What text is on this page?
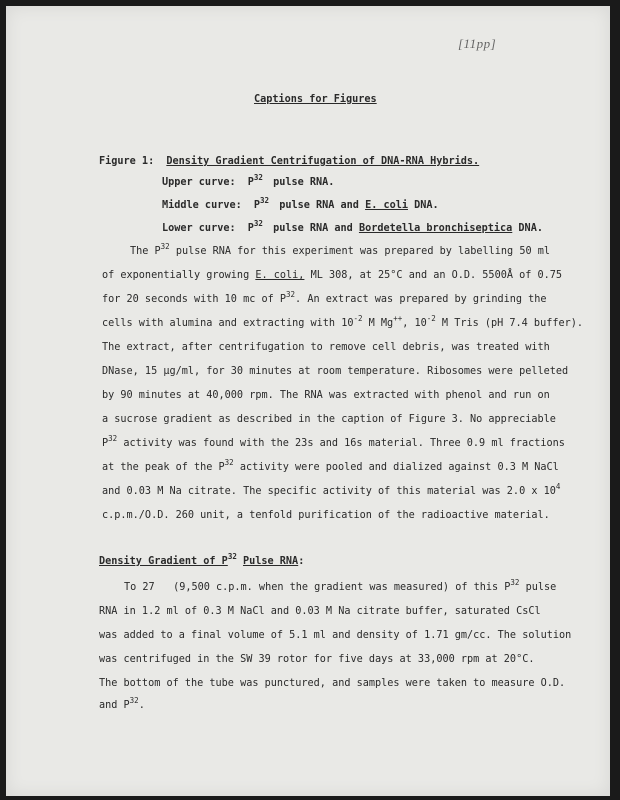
[11pp]
Captions for Figures
Figure 1: Density Gradient Centrifugation of DNA-RNA Hybrids.
Upper curve: $P^{32}$ pulse RNA.
Middle curve: $P^{32}$ pulse RNA and E. coli DNA.
Lower curve: $P^{32}$ pulse RNA and Bordetella bronchiseptica DNA.
The $P^{32}$ pulse RNA for this experiment was prepared by labelling 50 ml
of exponentially growing E. coli, ML 308, at 25°C and an O.D. 5500Å of 0.75
for 20 seconds with 10 mc of $P^{32}$. An extract was prepared by grinding the
cells with alumina and extracting with $10^{-2}$ M Mg++, $10^{-2}$ M Tris (pH 7.4 buffer).
The extract, after centrifugation to remove cell debris, was treated with
DNase, 15 μg/ml, for 30 minutes at room temperature. Ribosomes were pelleted
by 90 minutes at 40,000 rpm. The RNA was extracted with phenol and run on
a sucrose gradient as described in the caption of Figure 3. No appreciable
$P^{32}$ activity was found with the 23s and 16s material. Three 0.9 ml fractions
at the peak of the $P^{32}$ activity were pooled and dialized against 0.3 M NaCl
and 0.03 M Na citrate. The specific activity of this material was 2.0 x $10^4$
c.p.m./O.D. 260 unit, a tenfold purification of the radioactive material.
Density Gradient of $P^{32}$ Pulse RNA:
To 27   (9,500 c.p.m. when the gradient was measured) of this $P^{32}$ pulse
RNA in 1.2 ml of 0.3 M NaCl and 0.03 M Na citrate buffer, saturated CsCl
was added to a final volume of 5.1 ml and density of 1.71 gm/cc. The solution
was centrifuged in the SW 39 rotor for five days at 33,000 rpm at 20°C.
The bottom of the tube was punctured, and samples were taken to measure O.D.
and $P^{32}$.
